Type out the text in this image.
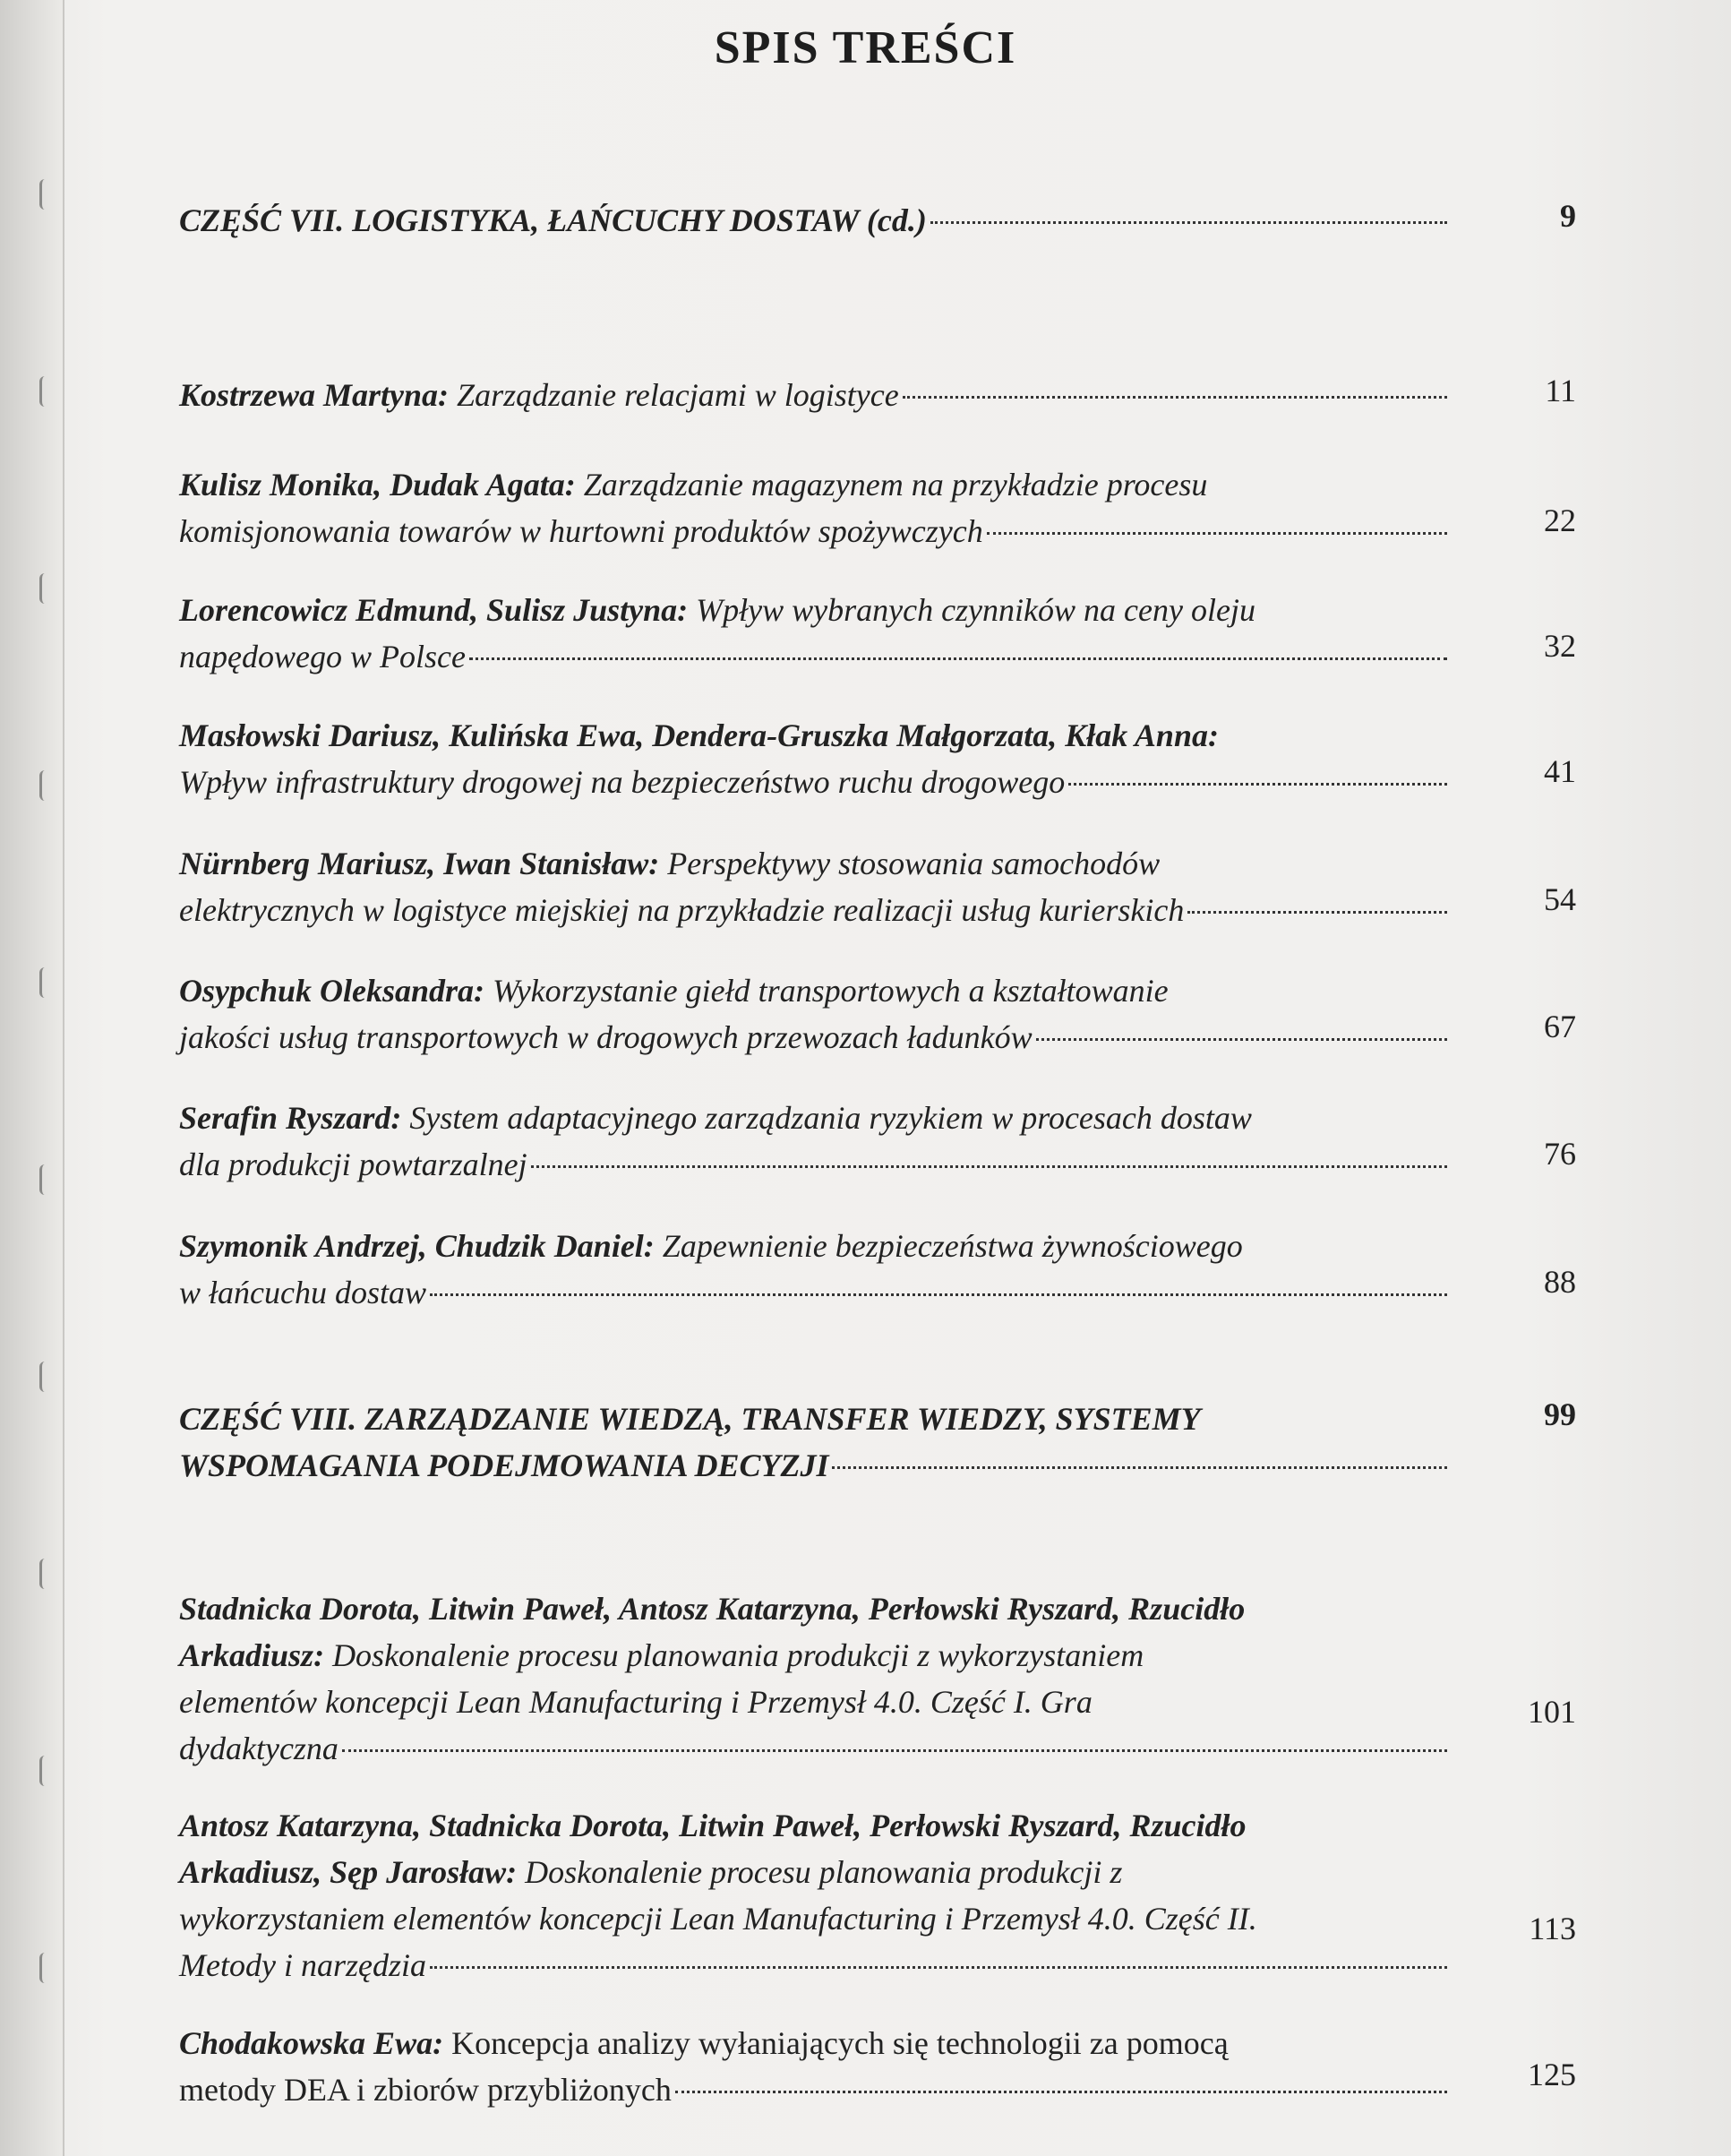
SPIS TREŚCI
CZĘŚĆ VII. LOGISTYKA, ŁAŃCUCHY DOSTAW (cd.)	9
Kostrzewa Martyna: Zarządzanie relacjami w logistyce	11
Kulisz Monika, Dudak Agata: Zarządzanie magazynem na przykładzie procesu
komisjonowania towarów w hurtowni produktów spożywczych	22
Lorencowicz Edmund, Sulisz Justyna: Wpływ wybranych czynników na ceny oleju
napędowego w Polsce	32
Masłowski Dariusz, Kulińska Ewa, Dendera-Gruszka Małgorzata, Kłak Anna:
Wpływ infrastruktury drogowej na bezpieczeństwo ruchu drogowego	41
Nürnberg Mariusz, Iwan Stanisław: Perspektywy stosowania samochodów
elektrycznych w logistyce miejskiej na przykładzie realizacji usług kurierskich	54
Osypchuk Oleksandra: Wykorzystanie giełd transportowych a kształtowanie
jakości usług transportowych w drogowych przewozach ładunków	67
Serafin Ryszard: System adaptacyjnego zarządzania ryzykiem w procesach dostaw
dla produkcji powtarzalnej	76
Szymonik Andrzej, Chudzik Daniel: Zapewnienie bezpieczeństwa żywnościowego
w łańcuchu dostaw	88
CZĘŚĆ VIII. ZARZĄDZANIE WIEDZĄ, TRANSFER WIEDZY, SYSTEMY
WSPOMAGANIA PODEJMOWANIA DECYZJI
99
Stadnicka Dorota, Litwin Paweł, Antosz Katarzyna, Perłowski Ryszard, Rzucidło
Arkadiusz: Doskonalenie procesu planowania produkcji z wykorzystaniem
elementów koncepcji Lean Manufacturing i Przemysł 4.0. Część I. Gra
dydaktyczna
101
Antosz Katarzyna, Stadnicka Dorota, Litwin Paweł, Perłowski Ryszard, Rzucidło
Arkadiusz, Sęp Jarosław: Doskonalenie procesu planowania produkcji z
wykorzystaniem elementów koncepcji Lean Manufacturing i Przemysł 4.0. Część II.
Metody i narzędzia
113
Chodakowska Ewa: Koncepcja analizy wyłaniających się technologii za pomocą
metody DEA i zbiorów przybliżonych	125
